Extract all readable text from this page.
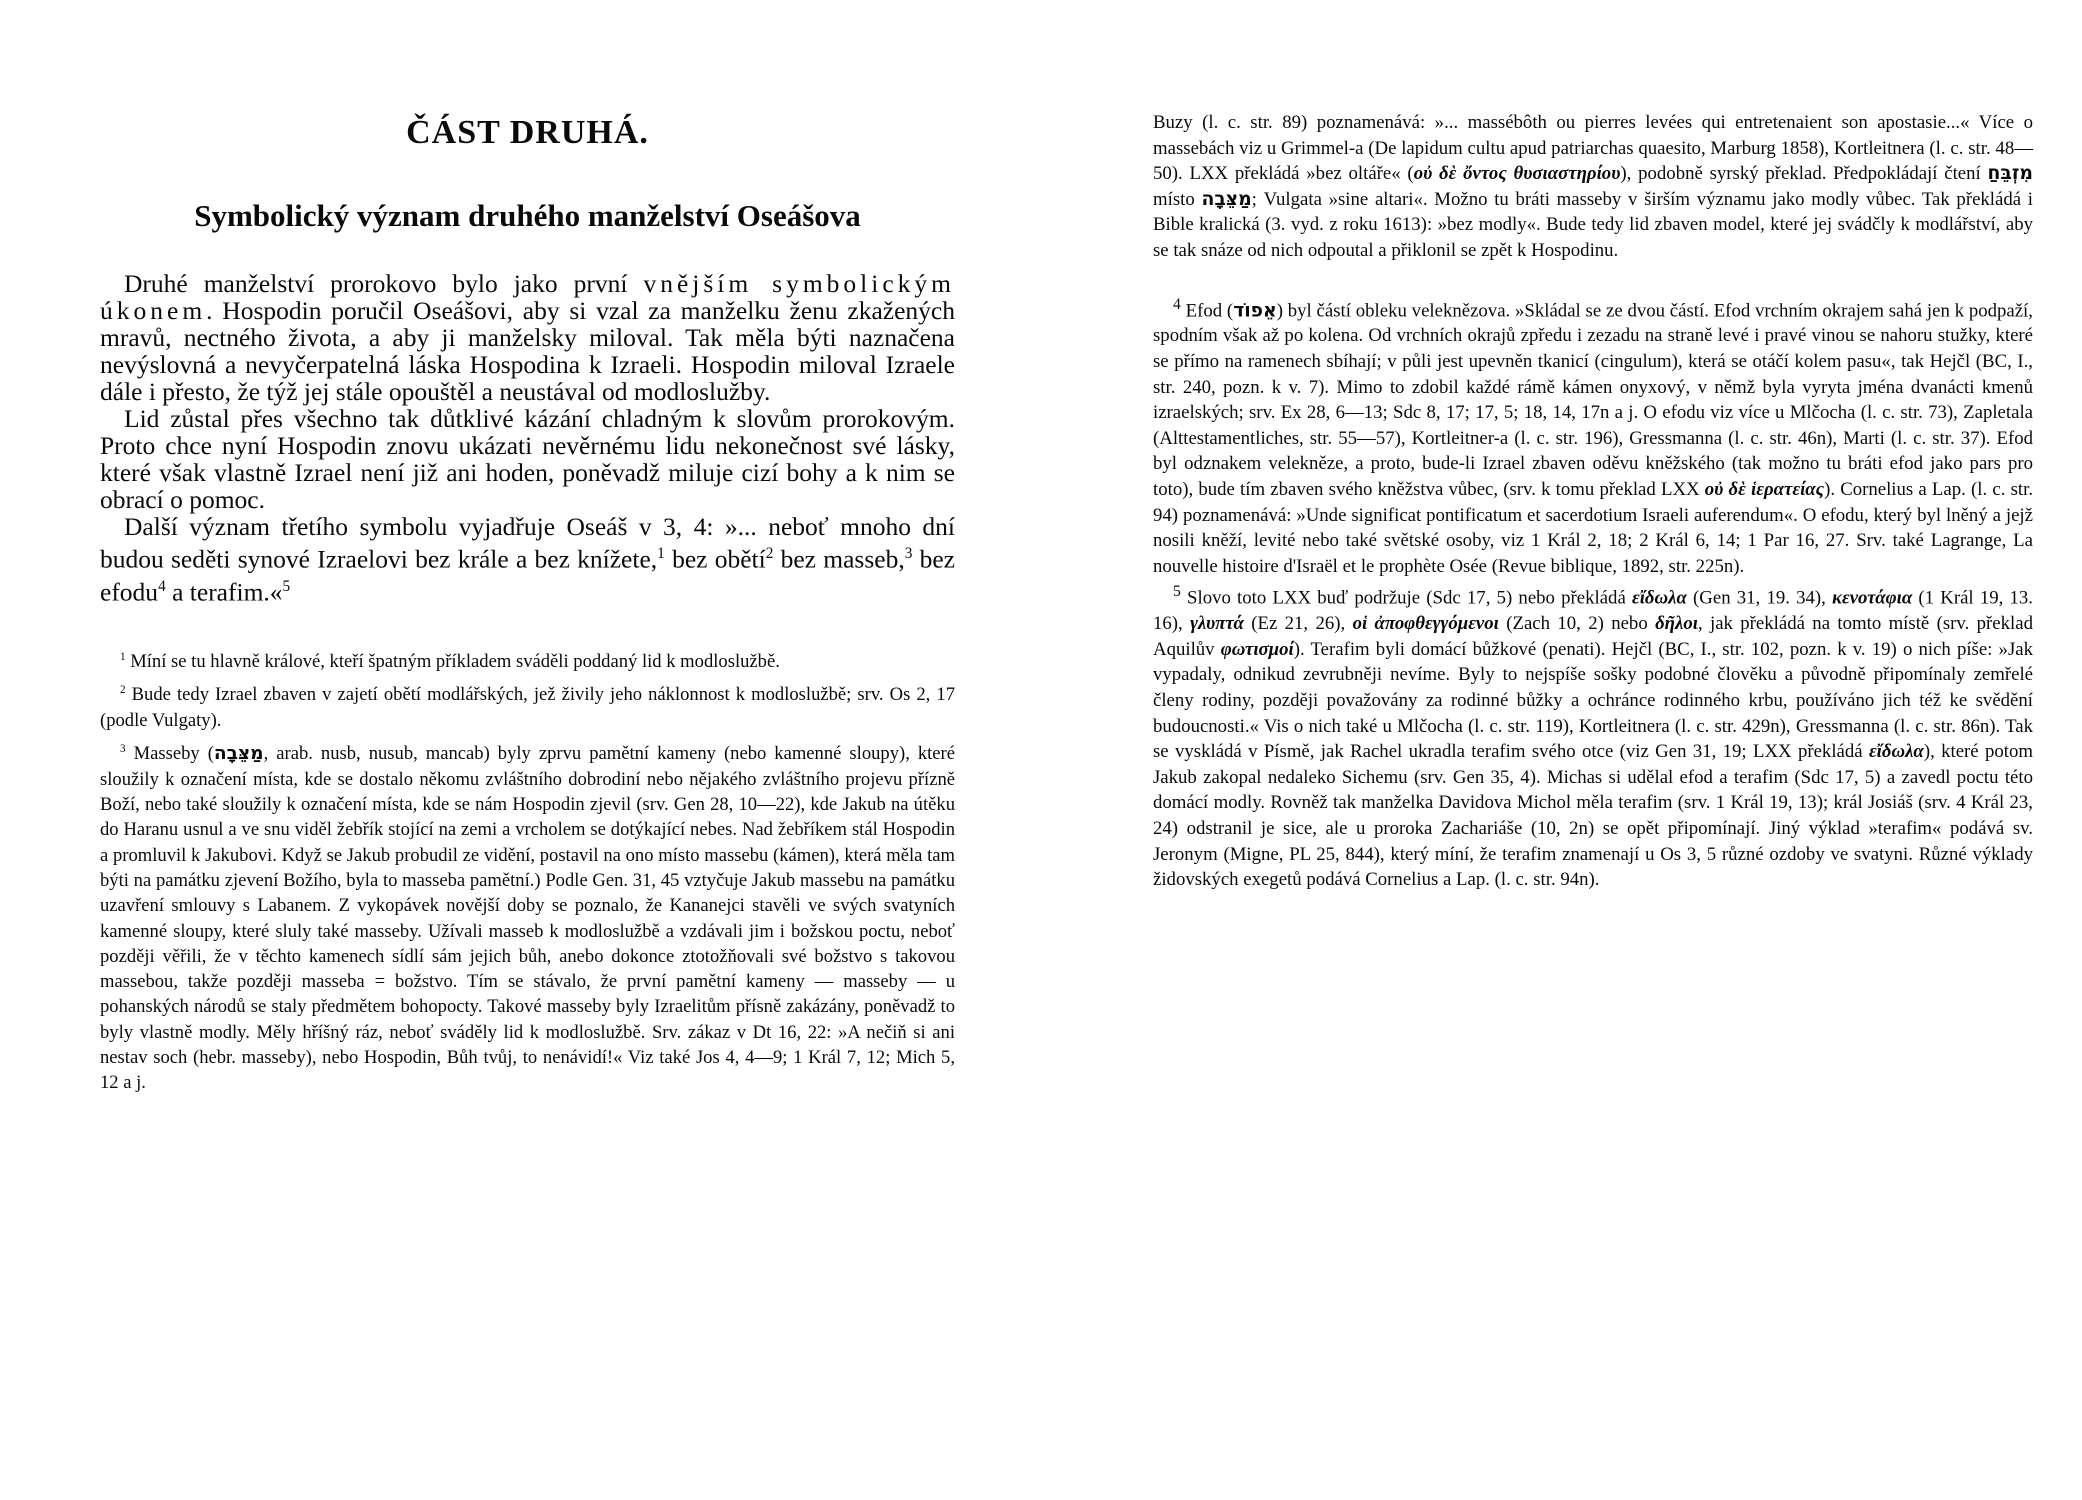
ČÁST DRUHÁ.
Symbolický význam druhého manželství Oseášova

Druhé manželství prorokovo bylo jako první vnějším symbolickým úkonem. Hospodin poručil Oseášovi, aby si vzal za manželku ženu zkažených mravů, nectného života, a aby ji manželsky miloval. Tak měla býti naznačena nevýslovná a nevyčerpatelná láska Hospodina k Izraeli. Hospodin miloval Izraele dále i přesto, že týž jej stále opouštěl a neustával od modloslužby.

Lid zůstal přes všechno tak důtklivé kázání chladným k slovům prorokovým. Proto chce nyní Hospodin znovu ukázati nevěrnému lidu nekonečnost své lásky, které však vlastně Izrael není již ani hoden, poněvadž miluje cizí bohy a k nim se obrací o pomoc.

Další význam třetího symbolu vyjadřuje Oseáš v 3, 4: »... neboť mnoho dní budou seděti synové Izraelovi bez krále a bez knížete,$^1$ bez obětí$^2$ bez masseb,$^3$ bez efodu$^4$ a terafim.«$^5$

$^1$ Míní se tu hlavně králové, kteří špatným příkladem sváděli poddaný lid k modloslužbě.

$^2$ Bude tedy Izrael zbaven v zajetí obětí modlářských, jež živily jeho náklonnost k modloslužbě; srv. Os 2, 17 (podle Vulgaty).

$^3$ Masseby (מַצֵּבָה, arab. nusb, nusub, mancab) byly zprvu pamětní kameny (nebo kamenné sloupy), které sloužily k označení místa, kde se dostalo někomu zvláštního dobrodiní nebo nějakého zvláštního projevu přízně Boží, nebo také sloužily k označení místa, kde se nám Hospodin zjevil (srv. Gen 28, 10—22), kde Jakub na útěku do Haranu usnul a ve snu viděl žebřík stojící na zemi a vrcholem se dotýkající nebes. Nad žebříkem stál Hospodin a promluvil k Jakubovi. Když se Jakub probudil ze vidění, postavil na ono místo massebu (kámen), která měla tam býti na památku zjevení Božího, byla to masseba pamětní.) Podle Gen. 31, 45 vztyčuje Jakub massebu na památku uzavření smlouvy s Labanem. Z vykopávek novější doby se poznalo, že Kananejci stavěli ve svých svatyních kamenné sloupy, které sluly také masseby. Užívali masseb k modloslužbě a vzdávali jim i božskou poctu, neboť později věřili, že v těchto kamenech sídlí sám jejich bůh, anebo dokonce ztotožňovali své božstvo s takovou massebou, takže později masseba = božstvo. Tím se stávalo, že první pamětní kameny — masseby — u pohanských národů se staly předmětem bohopocty. Takové masseby byly Izraelitům přísně zakázány, poněvadž to byly vlastně modly. Měly hříšný ráz, neboť sváděly lid k modloslužbě. Srv. zákaz v Dt 16, 22: »A nečiň si ani nestav soch (hebr. masseby), nebo Hospodin, Bůh tvůj, to nenávidí!« Viz také Jos 4, 4—9; 1 Král 7, 12; Mich 5, 12 a j.

Buzy (l. c. str. 89) poznamenává: »... massébôth ou pierres levées qui entretenaient son apostasie...« Více o massebách viz u Grimmel-a (De lapidum cultu apud patriarchas quaesito, Marburg 1858), Kortleitnera (l. c. str. 48—50). LXX překládá »bez oltáře« (οὐ δὲ ὄντος θυσιαστηρίου), podobně syrský překlad. Předpokládají čtení מִזְבֵּחַ místo מַצֵּבָה; Vulgata »sine altari«. Možno tu bráti masseby v širším významu jako modly vůbec. Tak překládá i Bible kralická (3. vyd. z roku 1613): »bez modly«. Bude tedy lid zbaven model, které jej svádčly k modlářství, aby se tak snáze od nich odpoutal a přiklonil se zpět k Hospodinu.

$^4$ Efod (אֵפוֹד) byl částí obleku veleknězova. »Skládal se ze dvou částí. Efod vrchním okrajem sahá jen k podpaží, spodním však až po kolena. Od vrchních okrajů zpředu i zezadu na straně levé i pravé vinou se nahoru stužky, které se přímo na ramenech sbíhají; v půli jest upevněn tkanicí (cingulum), která se otáčí kolem pasu«, tak Hejčl (BC, I., str. 240, pozn. k v. 7). Mimo to zdobil každé rámě kámen onyxový, v němž byla vyryta jména dvanácti kmenů izraelských; srv. Ex 28, 6—13; Sdc 8, 17; 17, 5; 18, 14, 17n a j. O efodu viz více u Mlčocha (l. c. str. 73), Zapletala (Alttestamentliches, str. 55—57), Kortleitner-a (l. c. str. 196), Gressmanna (l. c. str. 46n), Marti (l. c. str. 37). Efod byl odznakem velekněze, a proto, bude-li Izrael zbaven oděvu kněžského (tak možno tu bráti efod jako pars pro toto), bude tím zbaven svého kněžstva vůbec, (srv. k tomu překlad LXX οὐ δὲ ἱερατείας). Cornelius a Lap. (l. c. str. 94) poznamenává: »Unde significat pontificatum et sacerdotium Israeli auferendum«. O efodu, který byl lněný a jejž nosili kněží, levité nebo také světské osoby, viz 1 Král 2, 18; 2 Král 6, 14; 1 Par 16, 27. Srv. také Lagrange, La nouvelle histoire d'Israël et le prophète Osée (Revue biblique, 1892, str. 225n).

$^5$ Slovo toto LXX buď podržuje (Sdc 17, 5) nebo překládá εἴδωλα (Gen 31, 19. 34), κενοτάφια (1 Král 19, 13. 16), γλυπτά (Ez 21, 26), οἱ ἀποφθεγγόμενοι (Zach 10, 2) nebo δῆλοι, jak překládá na tomto místě (srv. překlad Aquilův φωτισμοί). Terafim byli domácí bůžkové (penati). Hejčl (BC, I., str. 102, pozn. k v. 19) o nich píše: »Jak vypadaly, odnikud zevrubněji nevíme. Byly to nejspíše sošky podobné člověku a původně připomínaly zemřelé členy rodiny, později považovány za rodinné bůžky a ochránce rodinného krbu, používáno jich též ke svědění budoucnosti.« Vis o nich také u Mlčocha (l. c. str. 119), Kortleitnera (l. c. str. 429n), Gressmanna (l. c. str. 86n). Tak se vyskládá v Písmě, jak Rachel ukradla terafim svého otce (viz Gen 31, 19; LXX překládá εἴδωλα), které potom Jakub zakopal nedaleko Sichemu (srv. Gen 35, 4). Michas si udělal efod a terafim (Sdc 17, 5) a zavedl poctu této domácí modly. Rovněž tak manželka Davidova Michol měla terafim (srv. 1 Král 19, 13); král Josiáš (srv. 4 Král 23, 24) odstranil je sice, ale u proroka Zachariáše (10, 2n) se opět připomínají. Jiný výklad »terafim« podává sv. Jeronym (Migne, PL 25, 844), který míní, že terafim znamenají u Os 3, 5 různé ozdoby ve svatyni. Různé výklady židovských exegetů podává Cornelius a Lap. (l. c. str. 94n).
